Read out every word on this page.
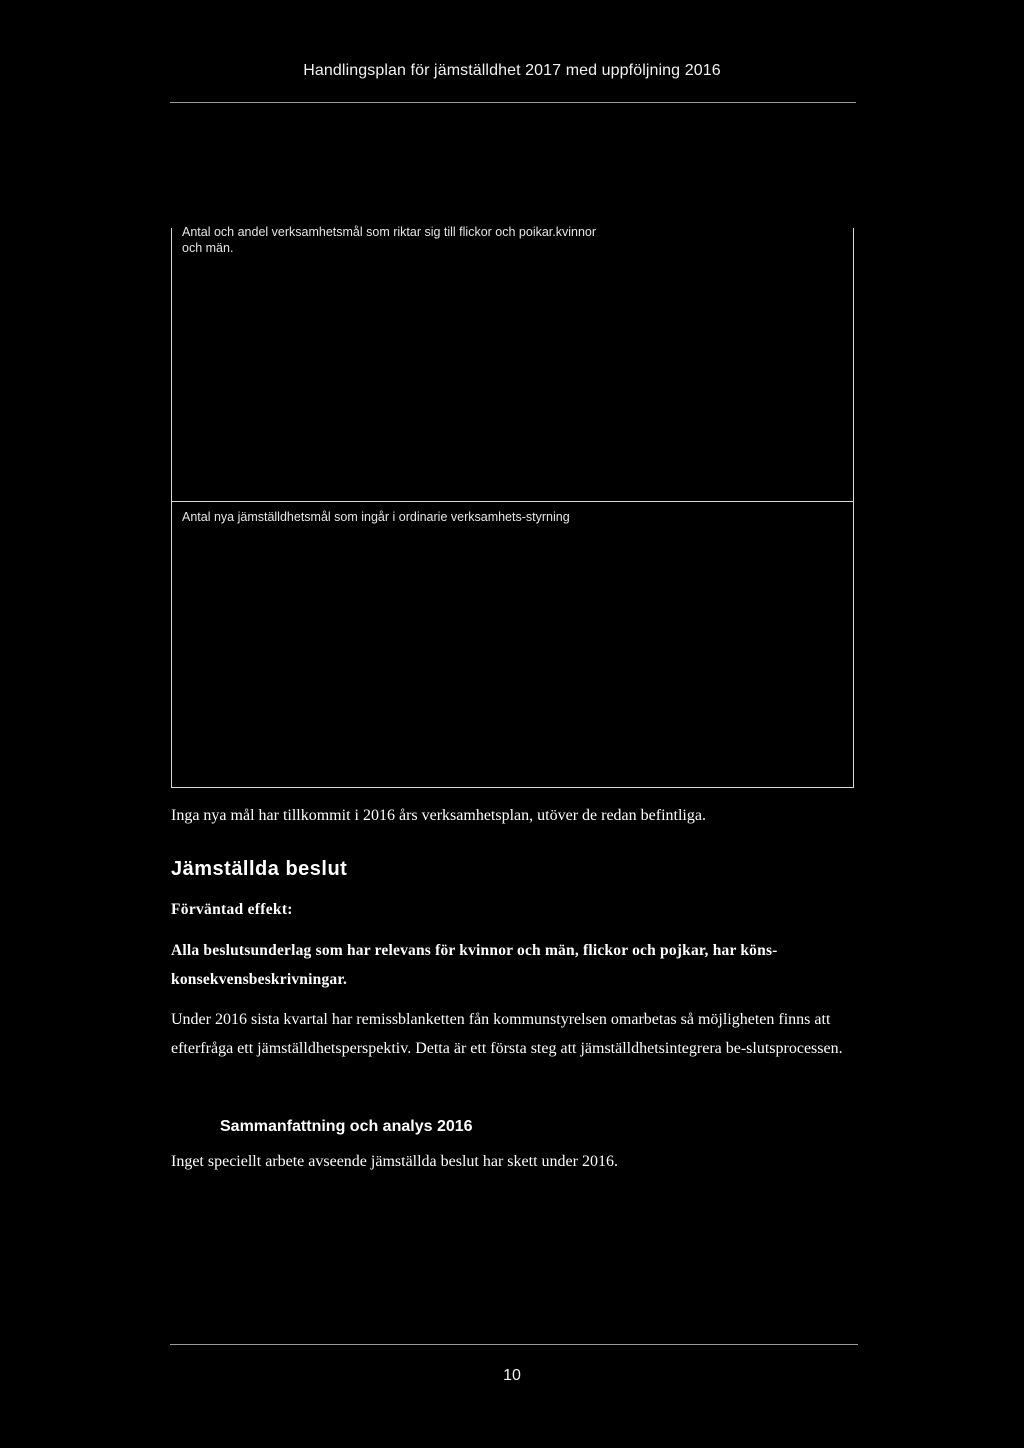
Handlingsplan för jämställdhet 2017 med uppföljning 2016
Antal och andel verksamhetsmål som riktar sig till flickor och poikar.kvinnor och män.
Antal nya jämställdhetsmål som ingår i ordinarie verksamhets-styrning
Inga nya mål har tillkommit i 2016 års verksamhetsplan, utöver de redan befintliga.
Jämställda beslut
Förväntad effekt:
Alla beslutsunderlag som har relevans för kvinnor och män, flickor och pojkar, har köns-konsekvensbeskrivningar.
Under 2016 sista kvartal har remissblanketten fån kommunstyrelsen omarbetas så möjligheten finns att efterfråga ett jämställdhetsperspektiv. Detta är ett första steg att jämställdhetsintegrera be-slutsprocessen.
Sammanfattning och analys 2016
Inget speciellt arbete avseende jämställda beslut har skett under 2016.
10
